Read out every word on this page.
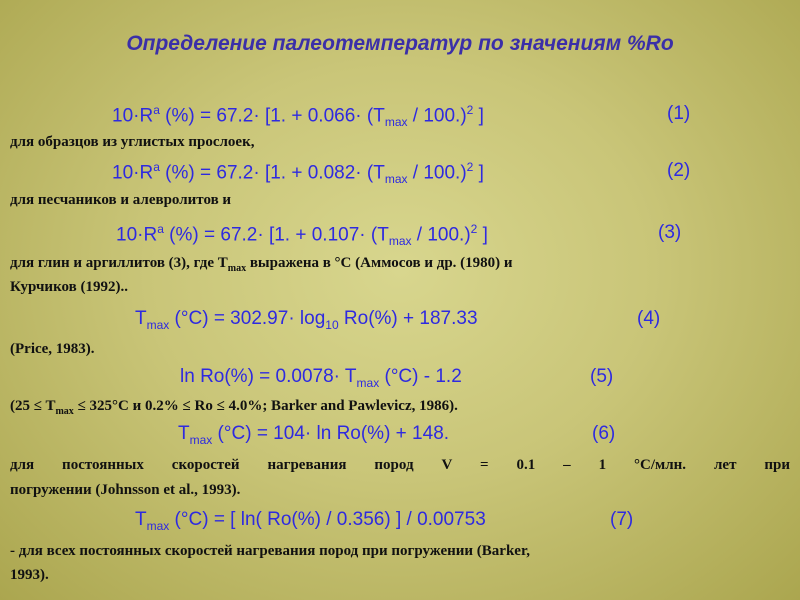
Определение палеотемператур по значениям %Ro
$10\cdot R^a$ (%) = 67.2· [1. + $0.066\cdot (T_{max} / 100.)^2$ ]	(1)
для образцов из углистых прослоек,
$10\cdot R^a$ (%) = 67.2· [1. + $0.082\cdot (T_{max} / 100.)^2$ ]	(2)
для песчаников и алевролитов и
$10\cdot R^a$ (%) = 67.2· [1. + $0.107\cdot (T_{max} / 100.)^2$ ]	(3)
для глин и аргиллитов (3), где $T_{max}$ выражена в °С (Аммосов и др. (1980) и
Курчиков (1992)..
$T_{max}$ $(^\circ C) = 302.97\cdot \log_{10} Ro(\%) + 187.33$	(4)
(Price, 1983).
$\ln Ro(\%) = 0.0078\cdot T_{max}$ (°C) - 1.2	(5)
($25 \le T_{max} \le 325^\circ C$ и 0.2% ≤ Ro ≤ 4.0%; Barker and Pawlevicz, 1986).
$T_{max}$ (°C) = 104· ln Ro(%) + 148.	(6)
для постоянных скоростей нагревания пород V = 0.1 – 1 °С/млн. лет при
погружении (Johnsson et al., 1993).
$T_{max}$ (°C) = [ ln( Ro(%) / 0.356) ] / 0.00753	(7)
- для всех постоянных скоростей нагревания пород при погружении (Barker,
1993).
